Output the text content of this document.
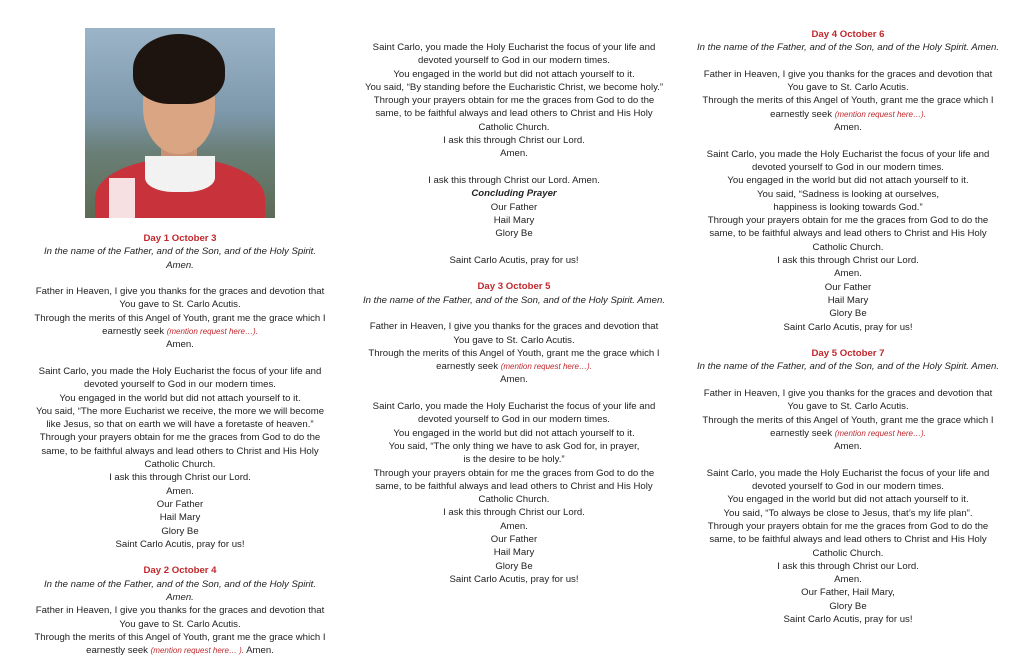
Day 1 October 3

In the name of the Father, and of the Son, and of the Holy Spirit. Amen.

Father in Heaven, I give you thanks for the graces and devotion that

You gave to St. Carlo Acutis.

Through the merits of this Angel of Youth, grant me the grace which I

earnestly seek (mention request here…).

Amen.

Saint Carlo, you made the Holy Eucharist the focus of your life and

devoted yourself to God in our modern times.

You engaged in the world but did not attach yourself to it.

You said, “The more Eucharist we receive, the more we will become

like Jesus, so that on earth we will have a foretaste of heaven.”

Through your prayers obtain for me the graces from God to do the

same, to be faithful always and lead others to Christ and His Holy

Catholic Church.

I ask this through Christ our Lord.

Amen.

Our Father

Hail Mary

Glory Be

Saint Carlo Acutis, pray for us!

Day 2 October 4

In the name of the Father, and of the Son, and of the Holy Spirit. Amen.

Father in Heaven, I give you thanks for the graces and devotion that

You gave to St. Carlo Acutis.

Through the merits of this Angel of Youth, grant me the grace which I

earnestly seek (mention request here… ). Amen.

Saint Carlo, you made the Holy Eucharist the focus of your life and

devoted yourself to God in our modern times.

You engaged in the world but did not attach yourself to it.

You said, “By standing before the Eucharistic Christ, we become holy.”

Through your prayers obtain for me the graces from God to do the

same, to be faithful always and lead others to Christ and His Holy

Catholic Church.

I ask this through Christ our Lord.

Amen.

I ask this through Christ our Lord. Amen.

Concluding Prayer

Our Father

Hail Mary

Glory Be

Saint Carlo Acutis, pray for us!

Day 3 October 5

In the name of the Father, and of the Son, and of the Holy Spirit. Amen.

Father in Heaven, I give you thanks for the graces and devotion that

You gave to St. Carlo Acutis.

Through the merits of this Angel of Youth, grant me the grace which I

earnestly seek (mention request here…).

Amen.

Saint Carlo, you made the Holy Eucharist the focus of your life and

devoted yourself to God in our modern times.

You engaged in the world but did not attach yourself to it.

You said, “The only thing we have to ask God for, in prayer,

is the desire to be holy.”

Through your prayers obtain for me the graces from God to do the

same, to be faithful always and lead others to Christ and His Holy

Catholic Church.

I ask this through Christ our Lord.

Amen.

Our Father

Hail Mary

Glory Be

Saint Carlo Acutis, pray for us!

Day 4 October 6

In the name of the Father, and of the Son, and of the Holy Spirit. Amen.

Father in Heaven, I give you thanks for the graces and devotion that

You gave to St. Carlo Acutis.

Through the merits of this Angel of Youth, grant me the grace which I

earnestly seek (mention request here…).

Amen.

Saint Carlo, you made the Holy Eucharist the focus of your life and

devoted yourself to God in our modern times.

You engaged in the world but did not attach yourself to it.

You said, “Sadness is looking at ourselves,

happiness is looking towards God.”

Through your prayers obtain for me the graces from God to do the

same, to be faithful always and lead others to Christ and His Holy

Catholic Church.

I ask this through Christ our Lord.

Amen.

Our Father

Hail Mary

Glory Be

Saint Carlo Acutis, pray for us!

Day 5 October 7

In the name of the Father, and of the Son, and of the Holy Spirit. Amen.

Father in Heaven, I give you thanks for the graces and devotion that

You gave to St. Carlo Acutis.

Through the merits of this Angel of Youth, grant me the grace which I

earnestly seek (mention request here…).

Amen.

Saint Carlo, you made the Holy Eucharist the focus of your life and

devoted yourself to God in our modern times.

You engaged in the world but did not attach yourself to it.

You said, “To always be close to Jesus, that’s my life plan”.

Through your prayers obtain for me the graces from God to do the

same, to be faithful always and lead others to Christ and His Holy

Catholic Church.

I ask this through Christ our Lord.

Amen.

Our Father, Hail Mary,

Glory Be

Saint Carlo Acutis, pray for us!
